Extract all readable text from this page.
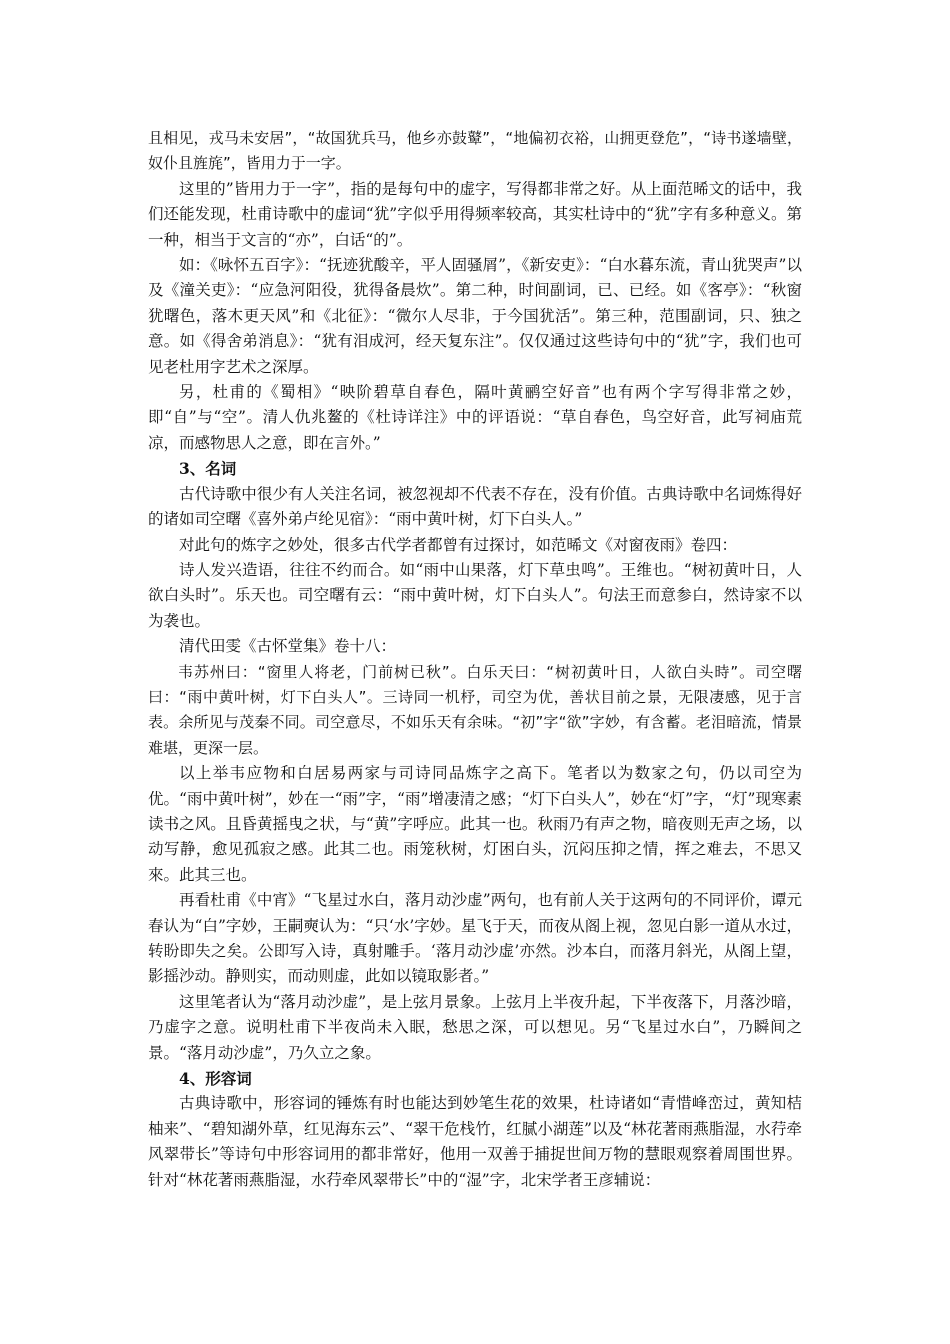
且相见，戎马未安居”，“故国犹兵马，他乡亦鼓鼙”，“地偏初衣裕，山拥更登危”，“诗书遂墙壁，奴仆且旌旄”，皆用力于一字。

这里的”皆用力于一字”，指的是每句中的虚字，写得都非常之好。从上面范晞文的话中，我们还能发现，杜甫诗歌中的虚词“犹”字似乎用得频率较高，其实杜诗中的“犹”字有多种意义。第一种，相当于文言的“亦”，白话“的”。

如：《咏怀五百字》：“抚迹犹酸辛，平人固骚屑”，《新安吏》：“白水暮东流，青山犹哭声”以及《潼关吏》：“应急河阳役，犹得备晨炊”。第二种，时间副词，已、已经。如《客亭》：“秋窗犹曙色，落木更天风”和《北征》：“微尔人尽非，于今国犹活”。第三种，范围副词，只、独之意。如《得舍弟消息》：“犹有泪成河，经天复东注”。仅仅通过这些诗句中的“犹”字，我们也可见老杜用字艺术之深厚。

另，杜甫的《蜀相》“映阶碧草自春色，隔叶黄鹂空好音”也有两个字写得非常之妙，即“自”与“空”。清人仇兆鳌的《杜诗详注》中的评语说：“草自春色，鸟空好音，此写祠庙荒凉，而感物思人之意，即在言外。”

3、名词

古代诗歌中很少有人关注名词，被忽视却不代表不存在，没有价值。古典诗歌中名词炼得好的诸如司空曙《喜外弟卢纶见宿》：“雨中黄叶树，灯下白头人。”

对此句的炼字之妙处，很多古代学者都曾有过探讨，如范晞文《对窗夜雨》卷四：

诗人发兴造语，往往不约而合。如“雨中山果落，灯下草虫鸣”。王维也。“树初黄叶日，人欲白头时”。乐天也。司空曙有云：“雨中黄叶树，灯下白头人”。句法王而意参白，然诗家不以为袭也。

清代田雯《古怀堂集》卷十八：

韦苏州曰：“窗里人将老，门前树已秋”。白乐天曰：“树初黄叶日，人欲白头時”。司空曙曰：“雨中黄叶树，灯下白头人”。三诗同一机杼，司空为优，善状目前之景，无限凄感，见于言表。余所见与茂秦不同。司空意尽，不如乐天有余味。“初”字“欲”字妙，有含蓄。老泪暗流，情景难堪，更深一层。

以上举韦应物和白居易两家与司诗同品炼字之高下。笔者以为数家之句，仍以司空为优。“雨中黄叶树”，妙在一“雨”字，“雨”增凄清之感；“灯下白头人”，妙在“灯”字，“灯”现寒素读书之风。且昏黄摇曳之状，与“黄”字呼应。此其一也。秋雨乃有声之物，暗夜则无声之场，以动写静，愈见孤寂之感。此其二也。雨笼秋树，灯困白头，沉闷压抑之情，挥之难去，不思又來。此其三也。

再看杜甫《中宵》“飞星过水白，落月动沙虚”两句，也有前人关于这两句的不同评价，谭元春认为“白”字妙，王嗣奭认为：“只‘水’字妙。星飞于天，而夜从阁上视，忽见白影一道从水过，转盼即失之矣。公即写入诗，真射雕手。‘落月动沙虚’亦然。沙本白，而落月斜光，从阁上望，影摇沙动。静则实，而动则虚，此如以镜取影者。”

这里笔者认为“落月动沙虚”，是上弦月景象。上弦月上半夜升起，下半夜落下，月落沙暗，乃虚字之意。说明杜甫下半夜尚未入眠，愁思之深，可以想见。另“飞星过水白”，乃瞬间之景。“落月动沙虚”，乃久立之象。

4、形容词

古典诗歌中，形容词的锤炼有时也能达到妙笔生花的效果，杜诗诸如“青惜峰峦过，黄知桔柚来”、“碧知湖外草，红见海东云”、“翠干危栈竹，红腻小湖莲”以及“林花著雨燕脂湿，水荇牵风翠带长”等诗句中形容词用的都非常好，他用一双善于捕捉世间万物的慧眼观察着周围世界。针对“林花著雨燕脂湿，水荇牵风翠带长”中的“湿”字，北宋学者王彦辅说：
